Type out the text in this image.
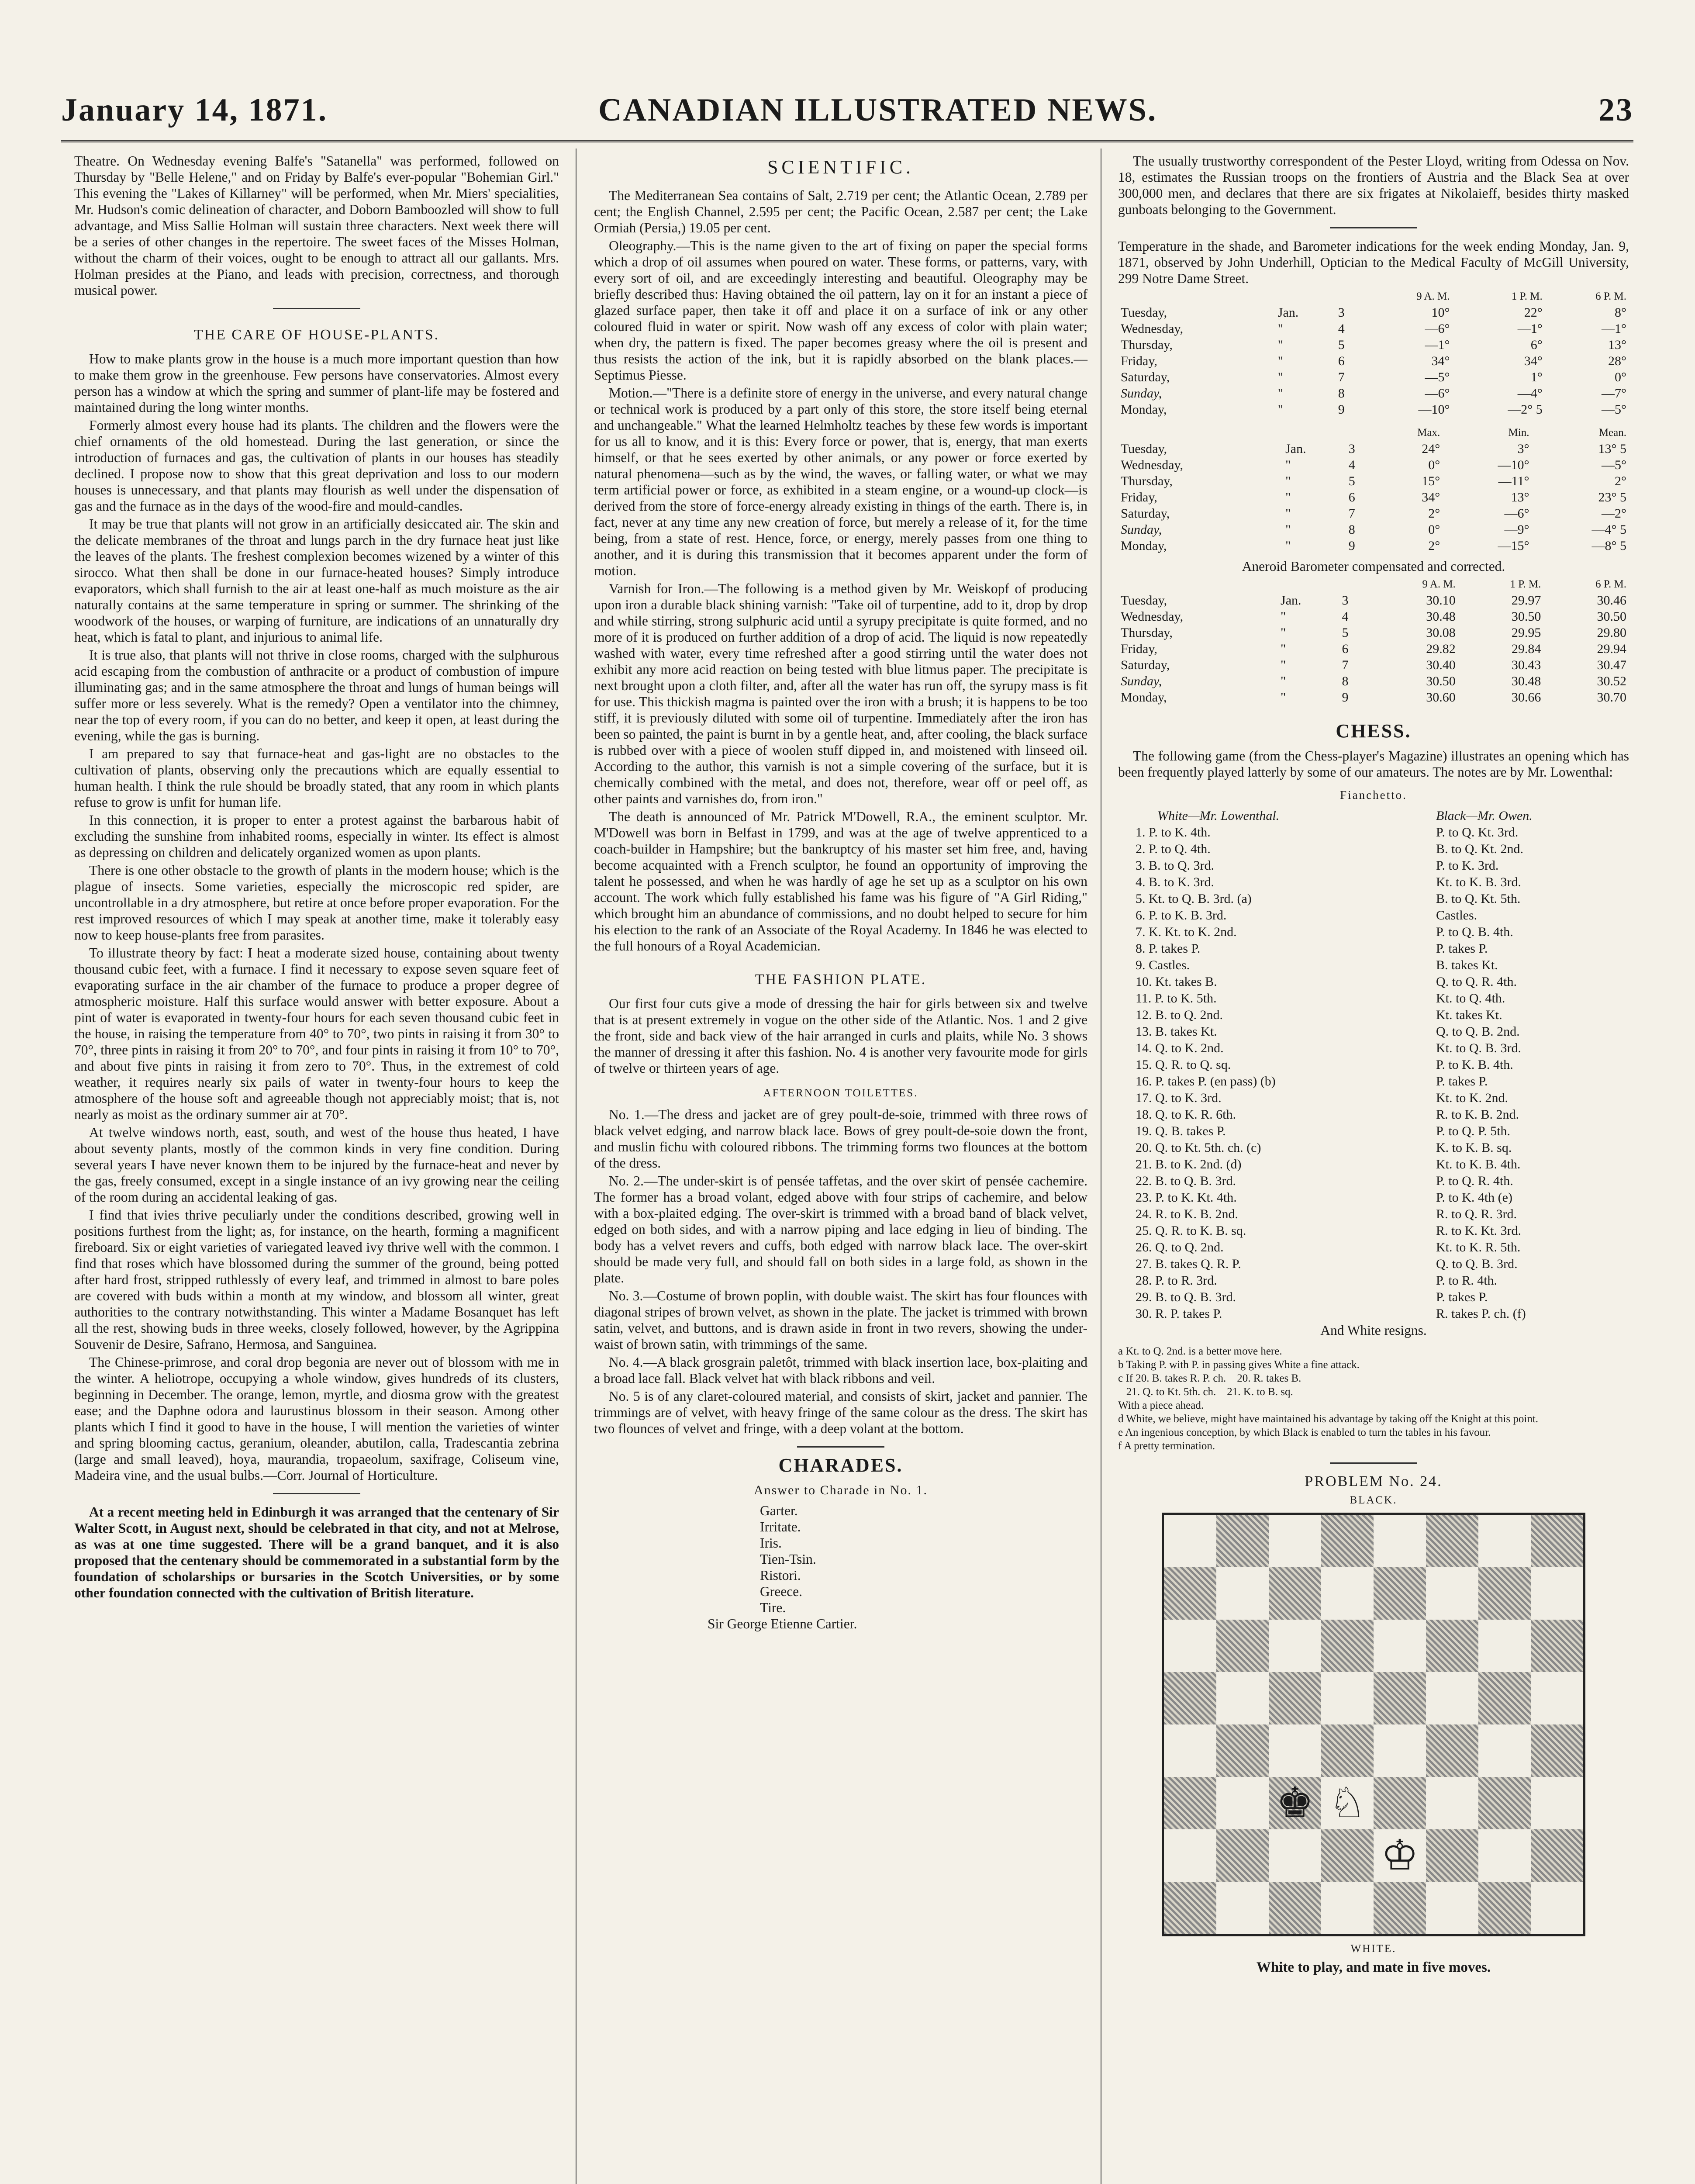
January 14, 1871.	CANADIAN ILLUSTRATED NEWS.	23

Theatre. On Wednesday evening Balfe's "Satanella" was performed, followed on Thursday by "Belle Helene," and on Friday by Balfe's ever-popular "Bohemian Girl." This evening the "Lakes of Killarney" will be performed, when Mr. Miers' specialities, Mr. Hudson's comic delineation of character, and Doborn Bamboozled will show to full advantage, and Miss Sallie Holman will sustain three characters. Next week there will be a series of other changes in the repertoire. The sweet faces of the Misses Holman, without the charm of their voices, ought to be enough to attract all our gallants. Mrs. Holman presides at the Piano, and leads with precision, correctness, and thorough musical power.

THE CARE OF HOUSE-PLANTS.

How to make plants grow in the house is a much more important question than how to make them grow in the greenhouse. Few persons have conservatories. Almost every person has a window at which the spring and summer of plant-life may be fostered and maintained during the long winter months.

Formerly almost every house had its plants. The children and the flowers were the chief ornaments of the old homestead. During the last generation, or since the introduction of furnaces and gas, the cultivation of plants in our houses has steadily declined. I propose now to show that this great deprivation and loss to our modern houses is unnecessary, and that plants may flourish as well under the dispensation of gas and the furnace as in the days of the wood-fire and mould-candles.

It may be true that plants will not grow in an artificially desiccated air. The skin and the delicate membranes of the throat and lungs parch in the dry furnace heat just like the leaves of the plants. The freshest complexion becomes wizened by a winter of this sirocco. What then shall be done in our furnace-heated houses? Simply introduce evaporators, which shall furnish to the air at least one-half as much moisture as the air naturally contains at the same temperature in spring or summer. The shrinking of the woodwork of the houses, or warping of furniture, are indications of an unnaturally dry heat, which is fatal to plant, and injurious to animal life.

It is true also, that plants will not thrive in close rooms, charged with the sulphurous acid escaping from the combustion of anthracite or a product of combustion of impure illuminating gas; and in the same atmosphere the throat and lungs of human beings will suffer more or less severely. What is the remedy? Open a ventilator into the chimney, near the top of every room, if you can do no better, and keep it open, at least during the evening, while the gas is burning.

I am prepared to say that furnace-heat and gas-light are no obstacles to the cultivation of plants, observing only the precautions which are equally essential to human health. I think the rule should be broadly stated, that any room in which plants refuse to grow is unfit for human life.

In this connection, it is proper to enter a protest against the barbarous habit of excluding the sunshine from inhabited rooms, especially in winter. Its effect is almost as depressing on children and delicately organized women as upon plants.

There is one other obstacle to the growth of plants in the modern house; which is the plague of insects. Some varieties, especially the microscopic red spider, are uncontrollable in a dry atmosphere, but retire at once before proper evaporation. For the rest improved resources of which I may speak at another time, make it tolerably easy now to keep house-plants free from parasites.

To illustrate theory by fact: I heat a moderate sized house, containing about twenty thousand cubic feet, with a furnace. I find it necessary to expose seven square feet of evaporating surface in the air chamber of the furnace to produce a proper degree of atmospheric moisture. Half this surface would answer with better exposure. About a pint of water is evaporated in twenty-four hours for each seven thousand cubic feet in the house, in raising the temperature from 40° to 70°, two pints in raising it from 30° to 70°, three pints in raising it from 20° to 70°, and four pints in raising it from 10° to 70°, and about five pints in raising it from zero to 70°. Thus, in the extremest of cold weather, it requires nearly six pails of water in twenty-four hours to keep the atmosphere of the house soft and agreeable though not appreciably moist; that is, not nearly as moist as the ordinary summer air at 70°.

At twelve windows north, east, south, and west of the house thus heated, I have about seventy plants, mostly of the common kinds in very fine condition. During several years I have never known them to be injured by the furnace-heat and never by the gas, freely consumed, except in a single instance of an ivy growing near the ceiling of the room during an accidental leaking of gas.

I find that ivies thrive peculiarly under the conditions described, growing well in positions furthest from the light; as, for instance, on the hearth, forming a magnificent fireboard. Six or eight varieties of variegated leaved ivy thrive well with the common. I find that roses which have blossomed during the summer of the ground, being potted after hard frost, stripped ruthlessly of every leaf, and trimmed in almost to bare poles are covered with buds within a month at my window, and blossom all winter, great authorities to the contrary notwithstanding. This winter a Madame Bosanquet has left all the rest, showing buds in three weeks, closely followed, however, by the Agrippina Souvenir de Desire, Safrano, Hermosa, and Sanguinea.

The Chinese-primrose, and coral drop begonia are never out of blossom with me in the winter. A heliotrope, occupying a whole window, gives hundreds of its clusters, beginning in December. The orange, lemon, myrtle, and diosma grow with the greatest ease; and the Daphne odora and laurustinus blossom in their season. Among other plants which I find it good to have in the house, I will mention the varieties of winter and spring blooming cactus, geranium, oleander, abutilon, calla, Tradescantia zebrina (large and small leaved), hoya, maurandia, tropaeolum, saxifrage, Coliseum vine, Madeira vine, and the usual bulbs.—Corr. Journal of Horticulture.

At a recent meeting held in Edinburgh it was arranged that the centenary of Sir Walter Scott, in August next, should be celebrated in that city, and not at Melrose, as was at one time suggested. There will be a grand banquet, and it is also proposed that the centenary should be commemorated in a substantial form by the foundation of scholarships or bursaries in the Scotch Universities, or by some other foundation connected with the cultivation of British literature.

SCIENTIFIC.

The Mediterranean Sea contains of Salt, 2.719 per cent; the Atlantic Ocean, 2.789 per cent; the English Channel, 2.595 per cent; the Pacific Ocean, 2.587 per cent; the Lake Ormiah (Persia,) 19.05 per cent.

Oleography.—This is the name given to the art of fixing on paper the special forms which a drop of oil assumes when poured on water. These forms, or patterns, vary, with every sort of oil, and are exceedingly interesting and beautiful. Oleography may be briefly described thus: Having obtained the oil pattern, lay on it for an instant a piece of glazed surface paper, then take it off and place it on a surface of ink or any other coloured fluid in water or spirit. Now wash off any excess of color with plain water; when dry, the pattern is fixed. The paper becomes greasy where the oil is present and thus resists the action of the ink, but it is rapidly absorbed on the blank places.—Septimus Piesse.

Motion.—"There is a definite store of energy in the universe, and every natural change or technical work is produced by a part only of this store, the store itself being eternal and unchangeable." What the learned Helmholtz teaches by these few words is important for us all to know, and it is this: Every force or power, that is, energy, that man exerts himself, or that he sees exerted by other animals, or any power or force exerted by natural phenomena—such as by the wind, the waves, or falling water, or what we may term artificial power or force, as exhibited in a steam engine, or a wound-up clock—is derived from the store of force-energy already existing in things of the earth. There is, in fact, never at any time any new creation of force, but merely a release of it, for the time being, from a state of rest. Hence, force, or energy, merely passes from one thing to another, and it is during this transmission that it becomes apparent under the form of motion.

Varnish for Iron.—The following is a method given by Mr. Weiskopf of producing upon iron a durable black shining varnish: "Take oil of turpentine, add to it, drop by drop and while stirring, strong sulphuric acid until a syrupy precipitate is quite formed, and no more of it is produced on further addition of a drop of acid. The liquid is now repeatedly washed with water, every time refreshed after a good stirring until the water does not exhibit any more acid reaction on being tested with blue litmus paper. The precipitate is next brought upon a cloth filter, and, after all the water has run off, the syrupy mass is fit for use. This thickish magma is painted over the iron with a brush; it is happens to be too stiff, it is previously diluted with some oil of turpentine. Immediately after the iron has been so painted, the paint is burnt in by a gentle heat, and, after cooling, the black surface is rubbed over with a piece of woolen stuff dipped in, and moistened with linseed oil. According to the author, this varnish is not a simple covering of the surface, but it is chemically combined with the metal, and does not, therefore, wear off or peel off, as other paints and varnishes do, from iron."

The death is announced of Mr. Patrick M'Dowell, R.A., the eminent sculptor. Mr. M'Dowell was born in Belfast in 1799, and was at the age of twelve apprenticed to a coach-builder in Hampshire; but the bankruptcy of his master set him free, and, having become acquainted with a French sculptor, he found an opportunity of improving the talent he possessed, and when he was hardly of age he set up as a sculptor on his own account. The work which fully established his fame was his figure of "A Girl Riding," which brought him an abundance of commissions, and no doubt helped to secure for him his election to the rank of an Associate of the Royal Academy. In 1846 he was elected to the full honours of a Royal Academician.

THE FASHION PLATE.

Our first four cuts give a mode of dressing the hair for girls between six and twelve that is at present extremely in vogue on the other side of the Atlantic. Nos. 1 and 2 give the front, side and back view of the hair arranged in curls and plaits, while No. 3 shows the manner of dressing it after this fashion. No. 4 is another very favourite mode for girls of twelve or thirteen years of age.

AFTERNOON TOILETTES.

No. 1.—The dress and jacket are of grey poult-de-soie, trimmed with three rows of black velvet edging, and narrow black lace. Bows of grey poult-de-soie down the front, and muslin fichu with coloured ribbons. The trimming forms two flounces at the bottom of the dress.

No. 2.—The under-skirt is of pensée taffetas, and the over skirt of pensée cachemire. The former has a broad volant, edged above with four strips of cachemire, and below with a box-plaited edging. The over-skirt is trimmed with a broad band of black velvet, edged on both sides, and with a narrow piping and lace edging in lieu of binding. The body has a velvet revers and cuffs, both edged with narrow black lace. The over-skirt should be made very full, and should fall on both sides in a large fold, as shown in the plate.

No. 3.—Costume of brown poplin, with double waist. The skirt has four flounces with diagonal stripes of brown velvet, as shown in the plate. The jacket is trimmed with brown satin, velvet, and buttons, and is drawn aside in front in two revers, showing the under-waist of brown satin, with trimmings of the same.

No. 4.—A black grosgrain paletôt, trimmed with black insertion lace, box-plaiting and a broad lace fall. Black velvet hat with black ribbons and veil.

No. 5 is of any claret-coloured material, and consists of skirt, jacket and pannier. The trimmings are of velvet, with heavy fringe of the same colour as the dress. The skirt has two flounces of velvet and fringe, with a deep volant at the bottom.

CHARADES.

Answer to Charade in No. 1.

Garter.
Irritate.
Iris.
Tien-Tsin.
Ristori.
Greece.
Tire.
Sir George Etienne Cartier.

The usually trustworthy correspondent of the Pester Lloyd, writing from Odessa on Nov. 18, estimates the Russian troops on the frontiers of Austria and the Black Sea at over 300,000 men, and declares that there are six frigates at Nikolaieff, besides thirty masked gunboats belonging to the Government.

Temperature in the shade, and Barometer indications for the week ending Monday, Jan. 9, 1871, observed by John Underhill, Optician to the Medical Faculty of McGill University, 299 Notre Dame Street.

			9 A. M.	1 P. M.	6 P. M.
Tuesday,	Jan.	3	10°	22°	8°
Wednesday,	"	4	—6°	—1°	—1°
Thursday,	"	5	—1°	6°	13°
Friday,	"	6	34°	34°	28°
Saturday,	"	7	—5°	1°	0°
Sunday,	"	8	—6°	—4°	—7°
Monday,	"	9	—10°	—2° 5	—5°
			Max.	Min.	Mean.
Tuesday,	Jan.	3	24°	3°	13° 5
Wednesday,	"	4	0°	—10°	—5°
Thursday,	"	5	15°	—11°	2°
Friday,	"	6	34°	13°	23° 5
Saturday,	"	7	2°	—6°	—2°
Sunday,	"	8	0°	—9°	—4° 5
Monday,	"	9	2°	—15°	—8° 5

Aneroid Barometer compensated and corrected.

			9 A. M.	1 P. M.	6 P. M.
Tuesday,	Jan.	3	30.10	29.97	30.46
Wednesday,	"	4	30.48	30.50	30.50
Thursday,	"	5	30.08	29.95	29.80
Friday,	"	6	29.82	29.84	29.94
Saturday,	"	7	30.40	30.43	30.47
Sunday,	"	8	30.50	30.48	30.52
Monday,	"	9	30.60	30.66	30.70
CHESS.

The following game (from the Chess-player's Magazine) illustrates an opening which has been frequently played latterly by some of our amateurs. The notes are by Mr. Lowenthal:

Fianchetto.

White—Mr. Lowenthal.	Black—Mr. Owen.
1. P. to K. 4th.	P. to Q. Kt. 3rd.
2. P. to Q. 4th.	B. to Q. Kt. 2nd.
3. B. to Q. 3rd.	P. to K. 3rd.
4. B. to K. 3rd.	Kt. to K. B. 3rd.
5. Kt. to Q. B. 3rd. (a)	B. to Q. Kt. 5th.
6. P. to K. B. 3rd.	Castles.
7. K. Kt. to K. 2nd.	P. to Q. B. 4th.
8. P. takes P.	P. takes P.
9. Castles.	B. takes Kt.
10. Kt. takes B.	Q. to Q. R. 4th.
11. P. to K. 5th.	Kt. to Q. 4th.
12. B. to Q. 2nd.	Kt. takes Kt.
13. B. takes Kt.	Q. to Q. B. 2nd.
14. Q. to K. 2nd.	Kt. to Q. B. 3rd.
15. Q. R. to Q. sq.	P. to K. B. 4th.
16. P. takes P. (en pass) (b)	P. takes P.
17. Q. to K. 3rd.	Kt. to K. 2nd.
18. Q. to K. R. 6th.	R. to K. B. 2nd.
19. Q. B. takes P.	P. to Q. P. 5th.
20. Q. to Kt. 5th. ch. (c)	K. to K. B. sq.
21. B. to K. 2nd. (d)	Kt. to K. B. 4th.
22. B. to Q. B. 3rd.	P. to Q. R. 4th.
23. P. to K. Kt. 4th.	P. to K. 4th (e)
24. R. to K. B. 2nd.	R. to Q. R. 3rd.
25. Q. R. to K. B. sq.	R. to K. Kt. 3rd.
26. Q. to Q. 2nd.	Kt. to K. R. 5th.
27. B. takes Q. R. P.	Q. to Q. B. 3rd.
28. P. to R. 3rd.	P. to R. 4th.
29. B. to Q. B. 3rd.	P. takes P.
30. R. P. takes P.	R. takes P. ch. (f)

And White resigns.

a Kt. to Q. 2nd. is a better move here.
b Taking P. with P. in passing gives White a fine attack.
c If 20. B. takes R. P. ch.    20. R. takes B.
21. Q. to Kt. 5th. ch.    21. K. to B. sq.
With a piece ahead.
d White, we believe, might have maintained his advantage by taking off the Knight at this point.
e An ingenious conception, by which Black is enabled to turn the tables in his favour.
f A pretty termination.
PROBLEM No. 24.
BLACK.
♚ ♘
♔
WHITE.

White to play, and mate in five moves.
